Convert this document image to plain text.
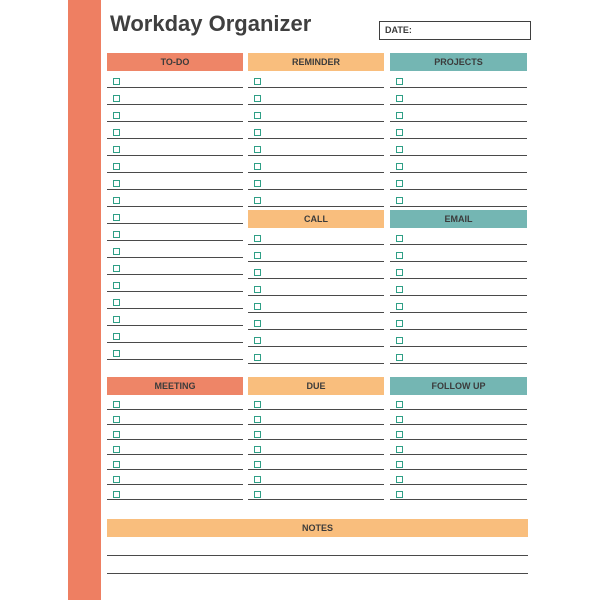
Workday Organizer	DATE:
TO-DO	REMINDER	PROJECTS
CALL	EMAIL
MEETING	DUE	FOLLOW UP
NOTES
